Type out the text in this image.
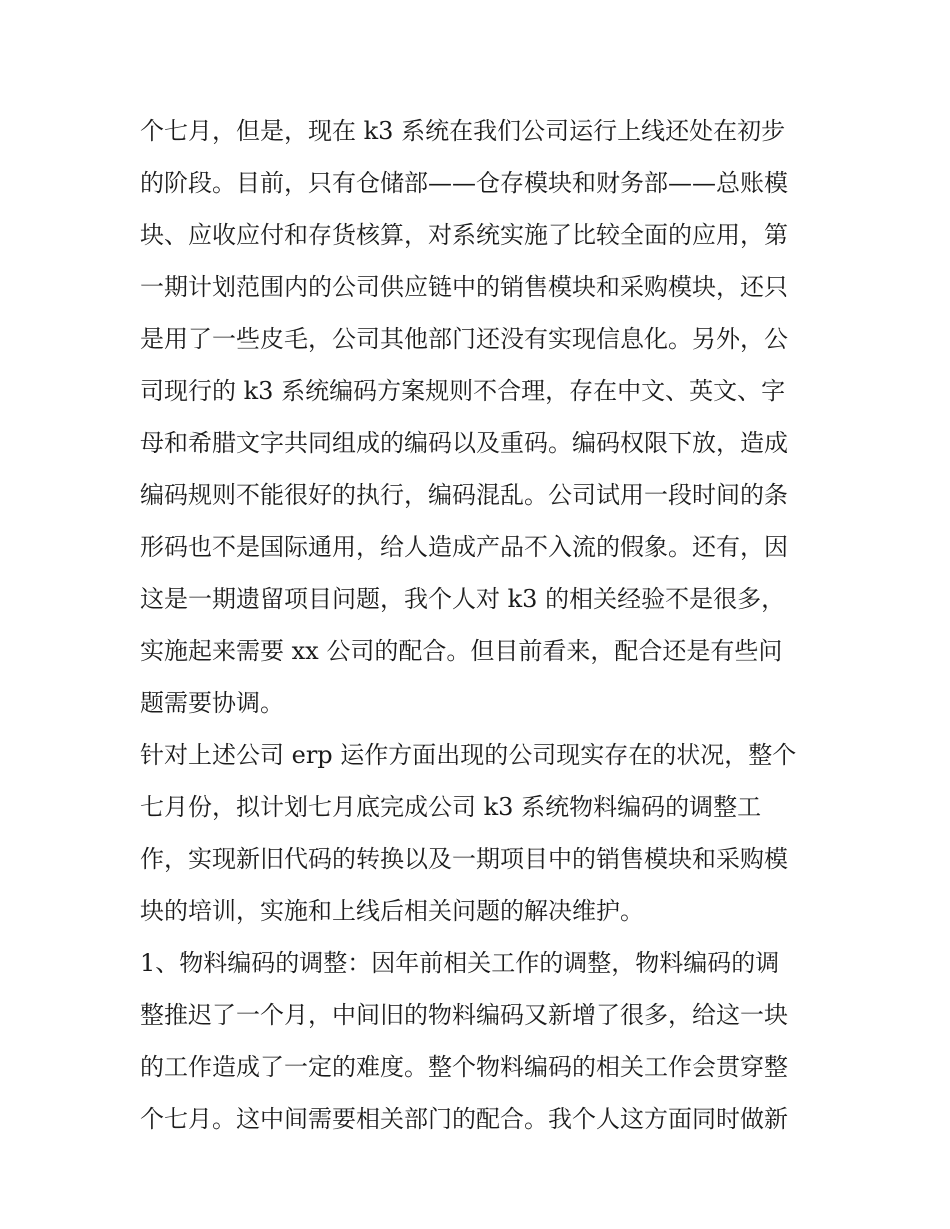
个七月，但是，现在 k3 系统在我们公司运行上线还处在初步
的阶段。目前，只有仓储部——仓存模块和财务部——总账模
块、应收应付和存货核算，对系统实施了比较全面的应用，第
一期计划范围内的公司供应链中的销售模块和采购模块，还只
是用了一些皮毛，公司其他部门还没有实现信息化。另外，公
司现行的 k3 系统编码方案规则不合理，存在中文、英文、字
母和希腊文字共同组成的编码以及重码。编码权限下放，造成
编码规则不能很好的执行，编码混乱。公司试用一段时间的条
形码也不是国际通用，给人造成产品不入流的假象。还有，因
这是一期遗留项目问题，我个人对 k3 的相关经验不是很多，
实施起来需要 xx 公司的配合。但目前看来，配合还是有些问
题需要协调。
针对上述公司 erp 运作方面出现的公司现实存在的状况，整个
七月份，拟计划七月底完成公司 k3 系统物料编码的调整工
作，实现新旧代码的转换以及一期项目中的销售模块和采购模
块的培训，实施和上线后相关问题的解决维护。
1、物料编码的调整：因年前相关工作的调整，物料编码的调
整推迟了一个月，中间旧的物料编码又新增了很多，给这一块
的工作造成了一定的难度。整个物料编码的相关工作会贯穿整
个七月。这中间需要相关部门的配合。我个人这方面同时做新
